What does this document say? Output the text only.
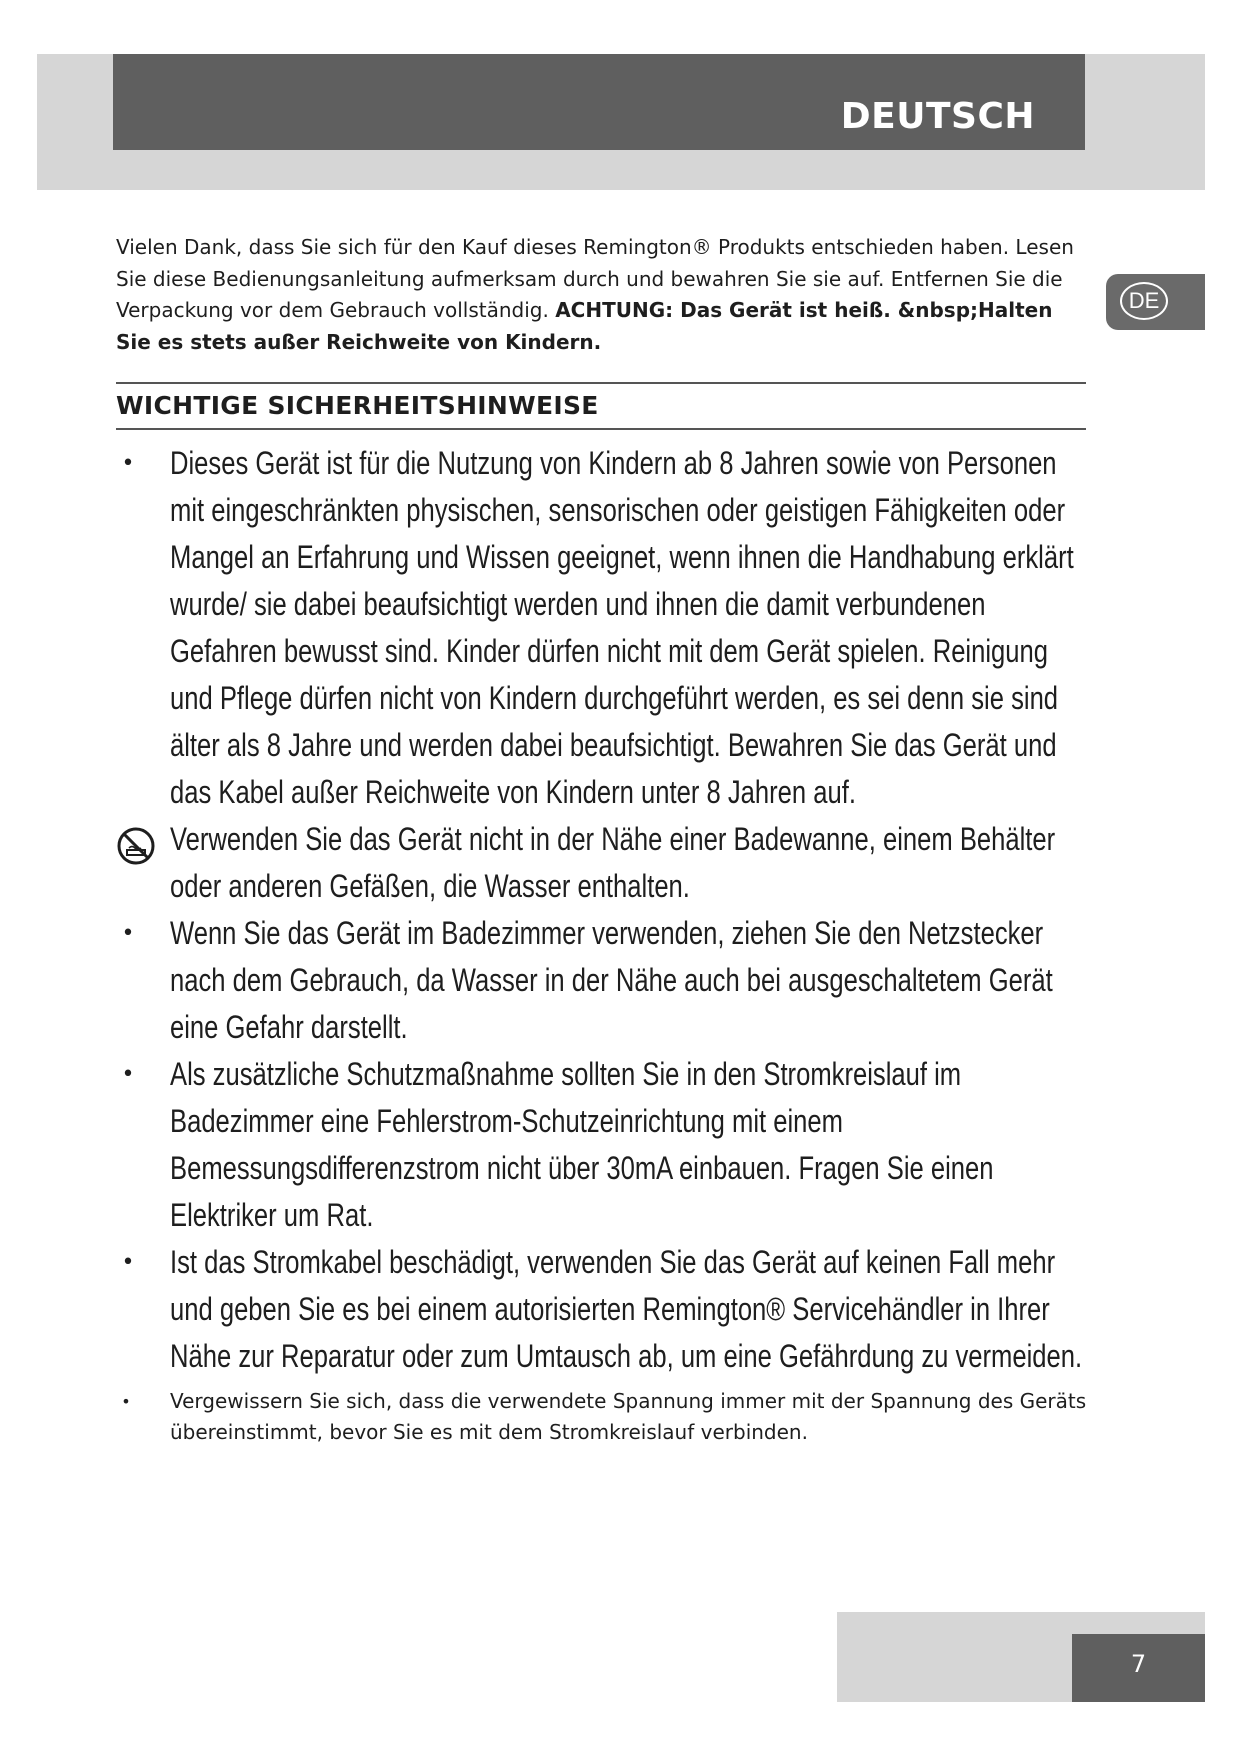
DEUTSCH
DE

Vielen Dank, dass Sie sich für den Kauf dieses Remington® Produkts entschieden haben. Lesen Sie diese Bedienungsanleitung aufmerksam durch und bewahren Sie sie auf. Entfernen Sie die Verpackung vor dem Gebrauch vollständig. ACHTUNG: Das Gerät ist heiß. &nbsp;Halten Sie es stets außer Reichweite von Kindern.

WICHTIGE SICHERHEITSHINWEISE
• Dieses Gerät ist für die Nutzung von Kindern ab 8 Jahren sowie von Personen mit eingeschränkten physischen, sensorischen oder geistigen Fähigkeiten oder Mangel an Erfahrung und Wissen geeignet, wenn ihnen die Handhabung erklärt wurde/ sie dabei beaufsichtigt werden und ihnen die damit verbundenen Gefahren bewusst sind. Kinder dürfen nicht mit dem Gerät spielen. Reinigung und Pflege dürfen nicht von Kindern durchgeführt werden, es sei denn sie sind älter als 8 Jahre und werden dabei beaufsichtigt. Bewahren Sie das Gerät und das Kabel außer Reichweite von Kindern unter 8 Jahren auf.
Verwenden Sie das Gerät nicht in der Nähe einer Badewanne, einem Behälter oder anderen Gefäßen, die Wasser enthalten.
• Wenn Sie das Gerät im Badezimmer verwenden, ziehen Sie den Netzstecker nach dem Gebrauch, da Wasser in der Nähe auch bei ausgeschaltetem Gerät eine Gefahr darstellt.
• Als zusätzliche Schutzmaßnahme sollten Sie in den Stromkreislauf im Badezimmer eine Fehlerstrom-Schutzeinrichtung mit einem Bemessungsdifferenzstrom nicht über 30mA einbauen. Fragen Sie einen Elektriker um Rat.
• Ist das Stromkabel beschädigt, verwenden Sie das Gerät auf keinen Fall mehr und geben Sie es bei einem autorisierten Remington® Servicehändler in Ihrer Nähe zur Reparatur oder zum Umtausch ab, um eine Gefährdung zu vermeiden.
• Vergewissern Sie sich, dass die verwendete Spannung immer mit der Spannung des Geräts übereinstimmt, bevor Sie es mit dem Stromkreislauf verbinden.
7
